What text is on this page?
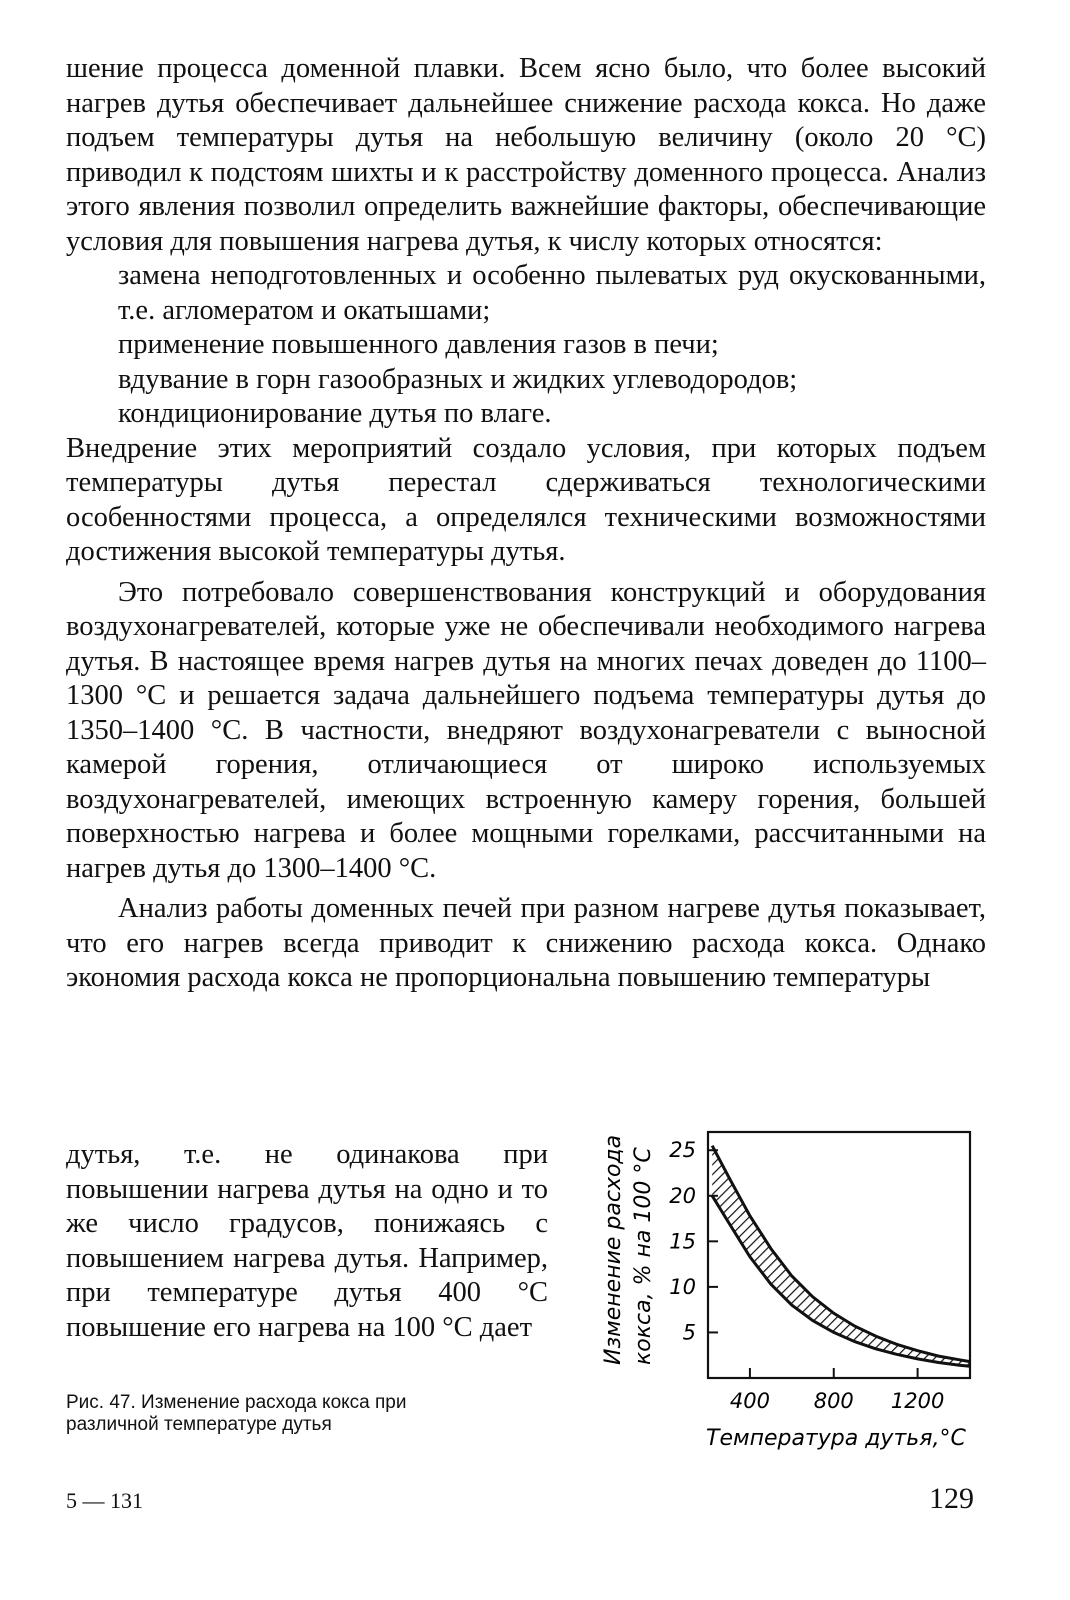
шение процесса доменной плавки. Всем ясно было, что более высокий нагрев дутья обеспечивает дальнейшее снижение расхода кокса. Но даже подъем температуры дутья на небольшую величину (около 20 °С) приводил к подстоям шихты и к расстройству доменного процесса. Анализ этого явления позволил определить важнейшие факторы, обеспечивающие условия для повышения нагрева дутья, к числу которых относятся:

замена неподготовленных и особенно пылеватых руд окускованными, т.е. агломератом и окатышами;

применение повышенного давления газов в печи;

вдувание в горн газообразных и жидких углеводородов;

кондиционирование дутья по влаге.

Внедрение этих мероприятий создало условия, при которых подъем температуры дутья перестал сдерживаться технологическими особенностями процесса, а определялся техническими возможностями достижения высокой температуры дутья.

Это потребовало совершенствования конструкций и оборудования воздухонагревателей, которые уже не обеспечивали необходимого нагрева дутья. В настоящее время нагрев дутья на многих печах доведен до 1100–1300 °С и решается задача дальнейшего подъема температуры дутья до 1350–1400 °С. В частности, внедряют воздухонагреватели с выносной камерой горения, отличающиеся от широко используемых воздухонагревателей, имеющих встроенную камеру горения, большей поверхностью нагрева и более мощными горелками, рассчитанными на нагрев дутья до 1300–1400 °С.

Анализ работы доменных печей при разном нагреве дутья показывает, что его нагрев всегда приводит к снижению расхода кокса. Однако экономия расхода кокса не пропорциональна повышению температуры

дутья, т.е. не одинакова при повышении нагрева дутья на одно и то же число градусов, понижаясь с повышением нагрева дутья. Например, при температуре дутья 400 °С повышение его нагрева на 100 °С дает	5
10
15
20
25
400 800 1200
Изменение расхода кокса, % на 100 °С
Температура дутья,°С
Рис. 47. Изменение расхода кокса при различной температуре дутья
5 — 131	129
